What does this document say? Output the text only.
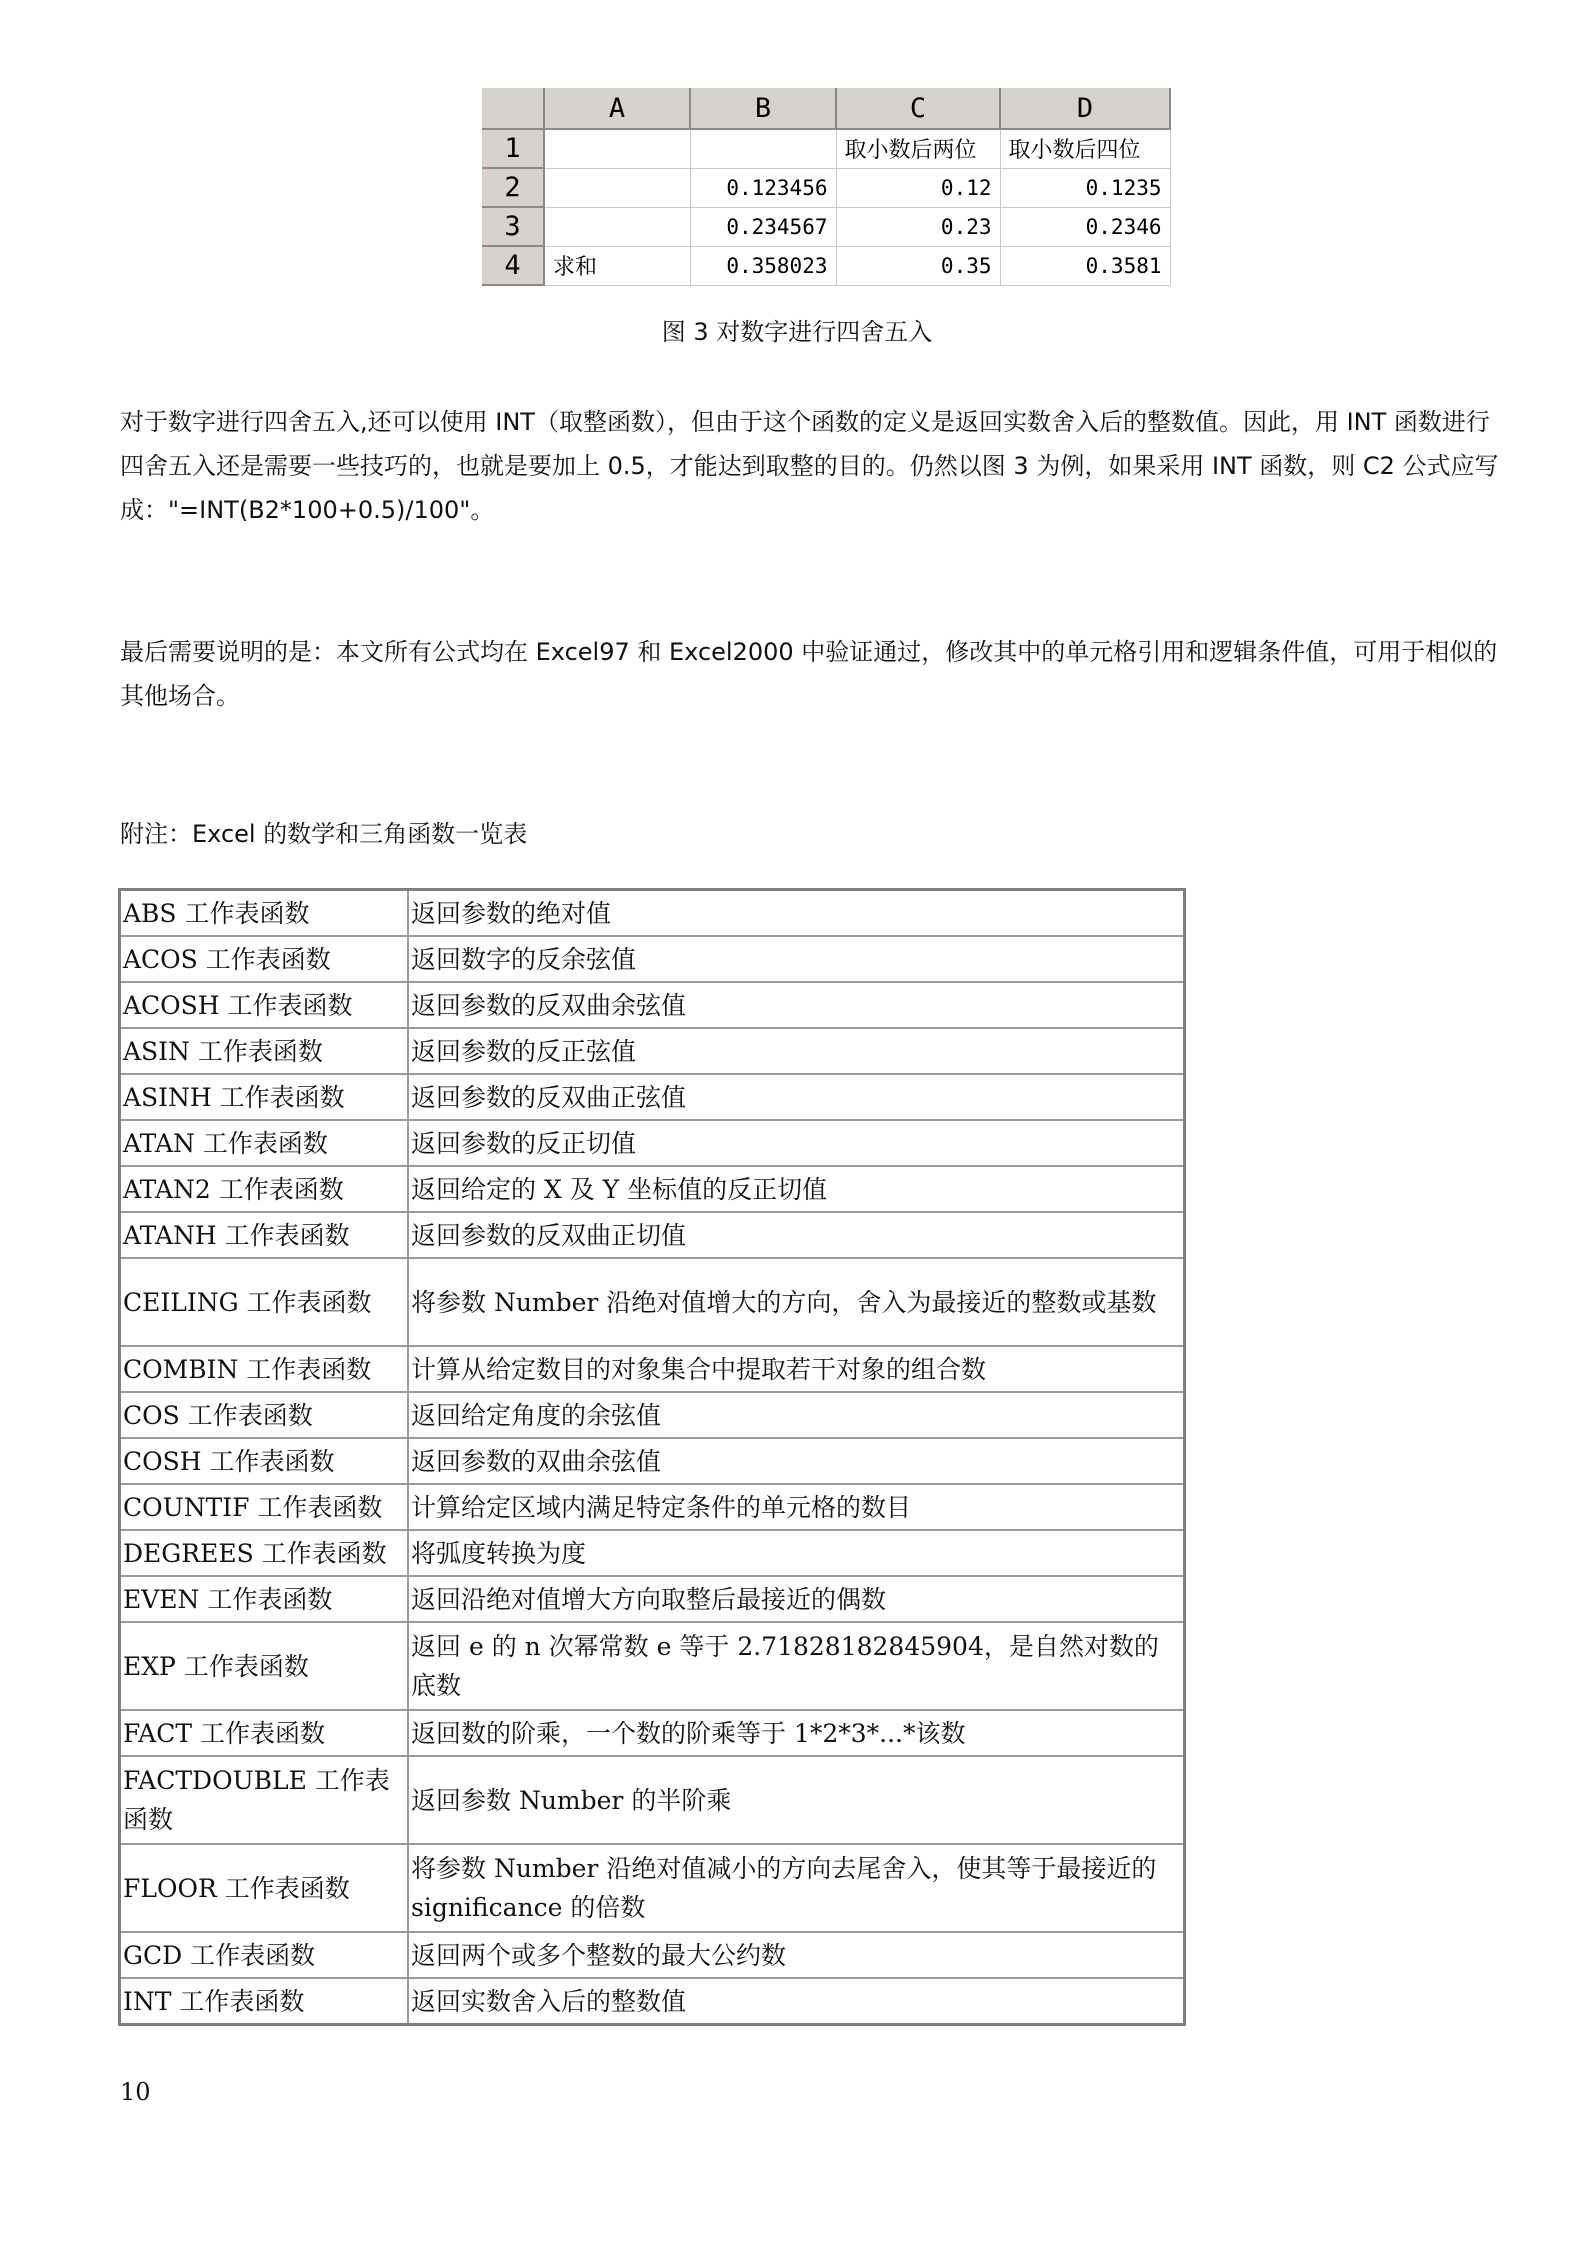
	A	B	C	D
1			取小数后两位	取小数后四位
2		0.123456	0.12	0.1235
3		0.234567	0.23	0.2346
4	求和	0.358023	0.35	0.3581
图 3 对数字进行四舍五入

对于数字进行四舍五入,还可以使用 INT（取整函数），但由于这个函数的定义是返回实数舍入后的整数值。因此，用 INT 函数进行四舍五入还是需要一些技巧的，也就是要加上 0.5，才能达到取整的目的。仍然以图 3 为例，如果采用 INT 函数，则 C2 公式应写成："=INT(B2*100+0.5)/100"。

最后需要说明的是：本文所有公式均在 Excel97 和 Excel2000 中验证通过，修改其中的单元格引用和逻辑条件值，可用于相似的其他场合。

附注：Excel 的数学和三角函数一览表

ABS 工作表函数	返回参数的绝对值
ACOS 工作表函数	返回数字的反余弦值
ACOSH 工作表函数	返回参数的反双曲余弦值
ASIN 工作表函数	返回参数的反正弦值
ASINH 工作表函数	返回参数的反双曲正弦值
ATAN 工作表函数	返回参数的反正切值
ATAN2 工作表函数	返回给定的 X 及 Y 坐标值的反正切值
ATANH 工作表函数	返回参数的反双曲正切值
CEILING 工作表函数	将参数 Number 沿绝对值增大的方向，舍入为最接近的整数或基数
COMBIN 工作表函数	计算从给定数目的对象集合中提取若干对象的组合数
COS 工作表函数	返回给定角度的余弦值
COSH 工作表函数	返回参数的双曲余弦值
COUNTIF 工作表函数	计算给定区域内满足特定条件的单元格的数目
DEGREES 工作表函数	将弧度转换为度
EVEN 工作表函数	返回沿绝对值增大方向取整后最接近的偶数
EXP 工作表函数	返回 e 的 n 次幂常数 e 等于 2.71828182845904，是自然对数的底数
FACT 工作表函数	返回数的阶乘，一个数的阶乘等于 1*2*3*...*该数
FACTDOUBLE 工作表函数	返回参数 Number 的半阶乘
FLOOR 工作表函数	将参数 Number 沿绝对值减小的方向去尾舍入，使其等于最接近的 significance 的倍数
GCD 工作表函数	返回两个或多个整数的最大公约数
INT 工作表函数	返回实数舍入后的整数值
10
